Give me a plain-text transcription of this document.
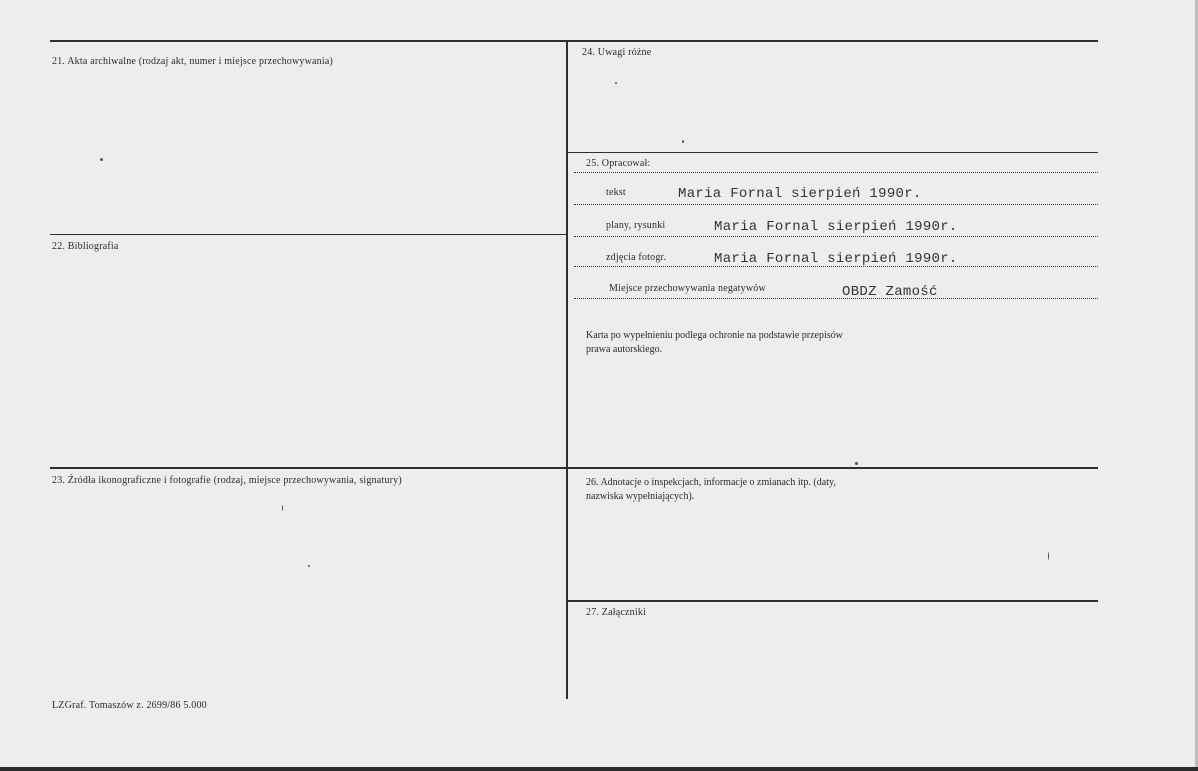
21. Akta archiwalne (rodzaj akt, numer i miejsce przechowywania)
22. Bibliografia
23. Źródła ikonograficzne i fotografie (rodzaj, miejsce przechowywania, signatury)
24. Uwagi różne
25. Opracował:
tekst	Maria Fornal sierpień 1990r.
plany, rysunki	Maria Fornal sierpień 1990r.
zdjęcia fotogr.	Maria Fornal sierpień 1990r.
Miejsce przechowywania negatywów	OBDZ Zamość
Karta po wypełnieniu podlega ochronie na podstawie przepisów
prawa autorskiego.
26. Adnotacje o inspekcjach, informacje o zmianach itp. (daty,
nazwiska wypełniających).
27. Załączniki
LZGraf. Tomaszów z. 2699/86 5.000
